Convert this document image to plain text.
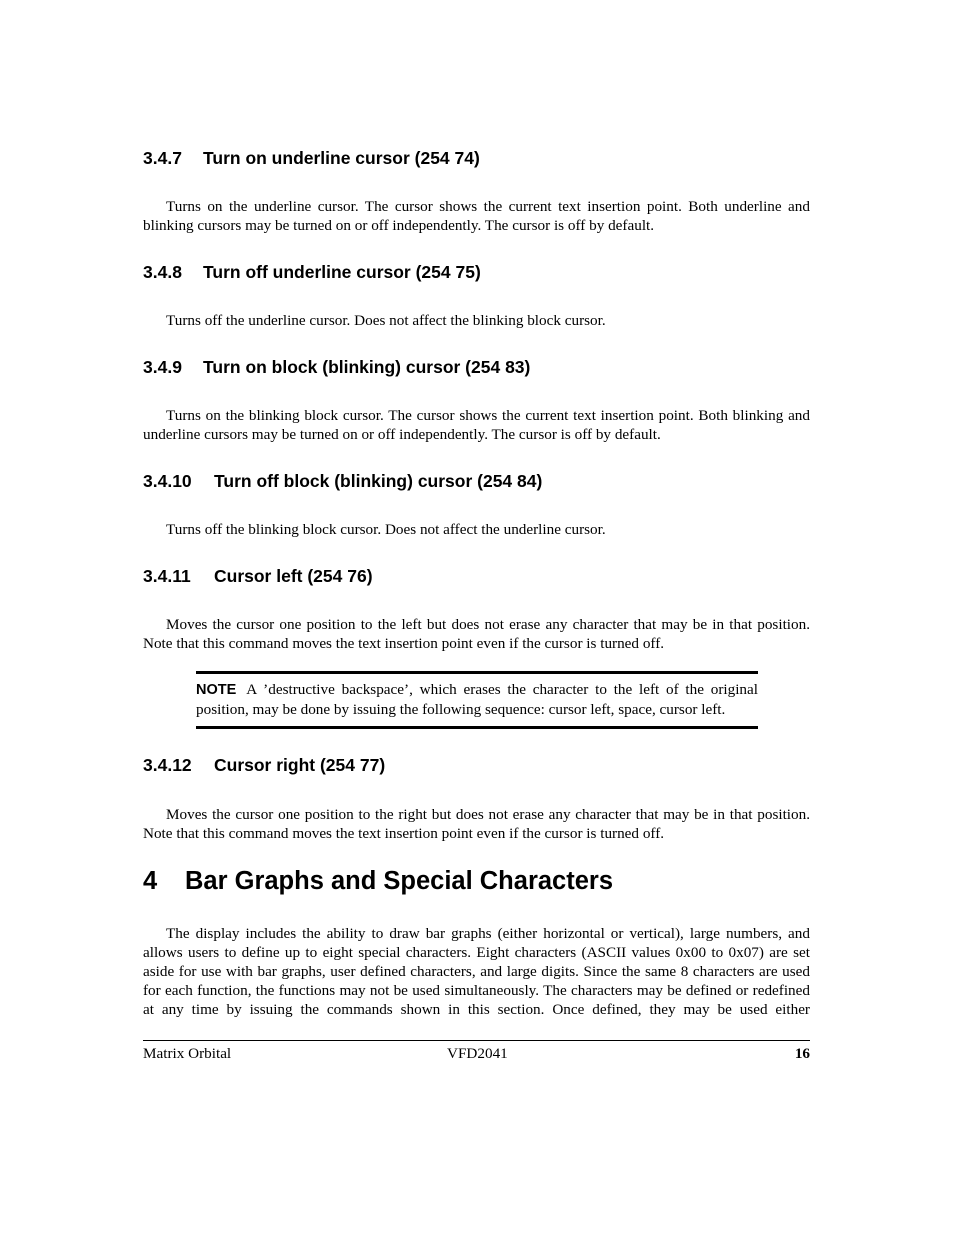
3.4.7 Turn on underline cursor (254 74)

Turns on the underline cursor. The cursor shows the current text insertion point. Both underline and blinking cursors may be turned on or off independently. The cursor is off by default.

3.4.8 Turn off underline cursor (254 75)

Turns off the underline cursor. Does not affect the blinking block cursor.

3.4.9 Turn on block (blinking) cursor (254 83)

Turns on the blinking block cursor. The cursor shows the current text insertion point. Both blinking and underline cursors may be turned on or off independently. The cursor is off by default.

3.4.10 Turn off block (blinking) cursor (254 84)

Turns off the blinking block cursor. Does not affect the underline cursor.

3.4.11 Cursor left (254 76)

Moves the cursor one position to the left but does not erase any character that may be in that position. Note that this command moves the text insertion point even if the cursor is turned off.

NOTE A ’destructive backspace’, which erases the character to the left of the original position, may be done by issuing the following sequence: cursor left, space, cursor left.

3.4.12 Cursor right (254 77)

Moves the cursor one position to the right but does not erase any character that may be in that position. Note that this command moves the text insertion point even if the cursor is turned off.

4 Bar Graphs and Special Characters

The display includes the ability to draw bar graphs (either horizontal or vertical), large numbers, and allows users to define up to eight special characters. Eight characters (ASCII values 0x00 to 0x07) are set aside for use with bar graphs, user defined characters, and large digits. Since the same 8 characters are used for each function, the functions may not be used simultaneously. The characters may be defined or redefined at any time by issuing the commands shown in this section. Once defined, they may be used either

Matrix Orbital	VFD2041	16
